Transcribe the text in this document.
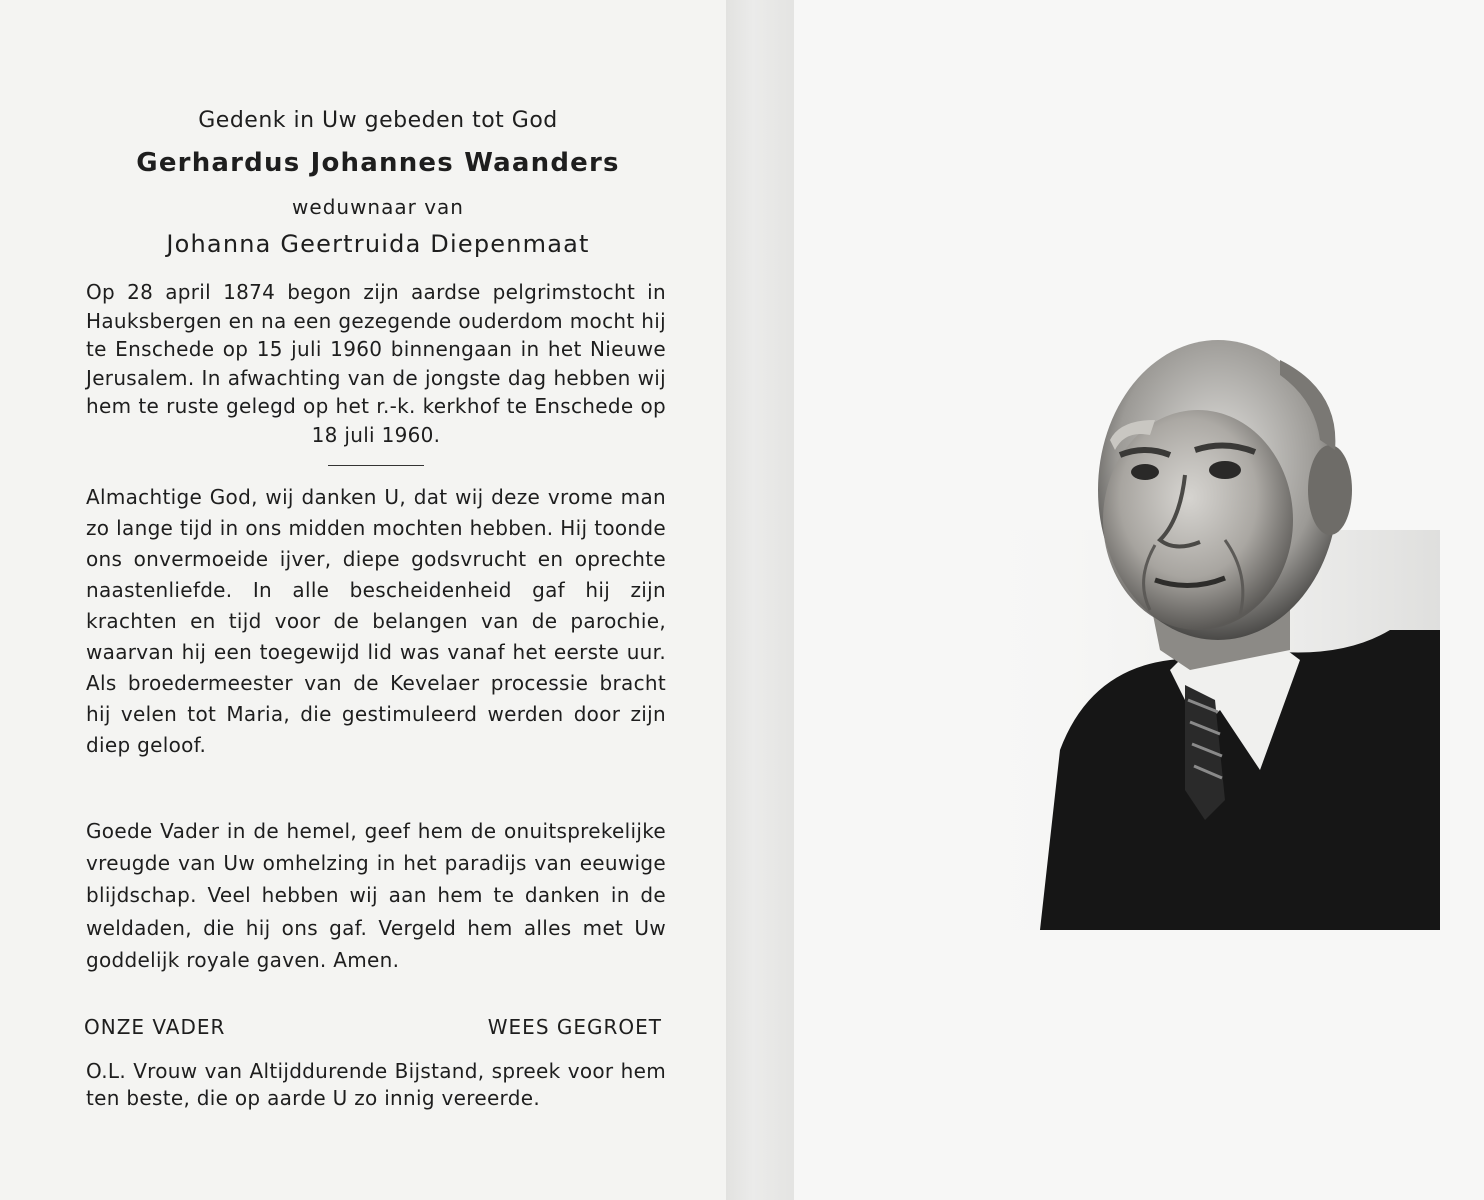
Gedenk in Uw gebeden tot God

Gerhardus Johannes Waanders

weduwnaar van

Johanna Geertruida Diepenmaat

Op 28 april 1874 begon zijn aardse pelgrimstocht in Hauksbergen en na een gezegende ouderdom mocht hij te Enschede op 15 juli 1960 binnengaan in het Nieuwe Jerusalem. In afwachting van de jongste dag hebben wij hem te ruste gelegd op het r.-k. kerkhof te Enschede op 18 juli 1960.

Almachtige God, wij danken U, dat wij deze vrome man zo lange tijd in ons midden mochten hebben. Hij toonde ons onvermoeide ijver, diepe godsvrucht en oprechte naastenliefde. In alle bescheidenheid gaf hij zijn krachten en tijd voor de belangen van de parochie, waarvan hij een toegewijd lid was vanaf het eerste uur. Als broedermeester van de Kevelaer processie bracht hij velen tot Maria, die gestimuleerd werden door zijn diep geloof.

Goede Vader in de hemel, geef hem de onuitsprekelijke vreugde van Uw omhelzing in het paradijs van eeuwige blijdschap. Veel hebben wij aan hem te danken in de weldaden, die hij ons gaf. Vergeld hem alles met Uw goddelijk royale gaven. Amen.

ONZE VADER	WEES GEGROET

O.L. Vrouw van Altijddurende Bijstand, spreek voor hem ten beste, die op aarde U zo innig vereerde.
